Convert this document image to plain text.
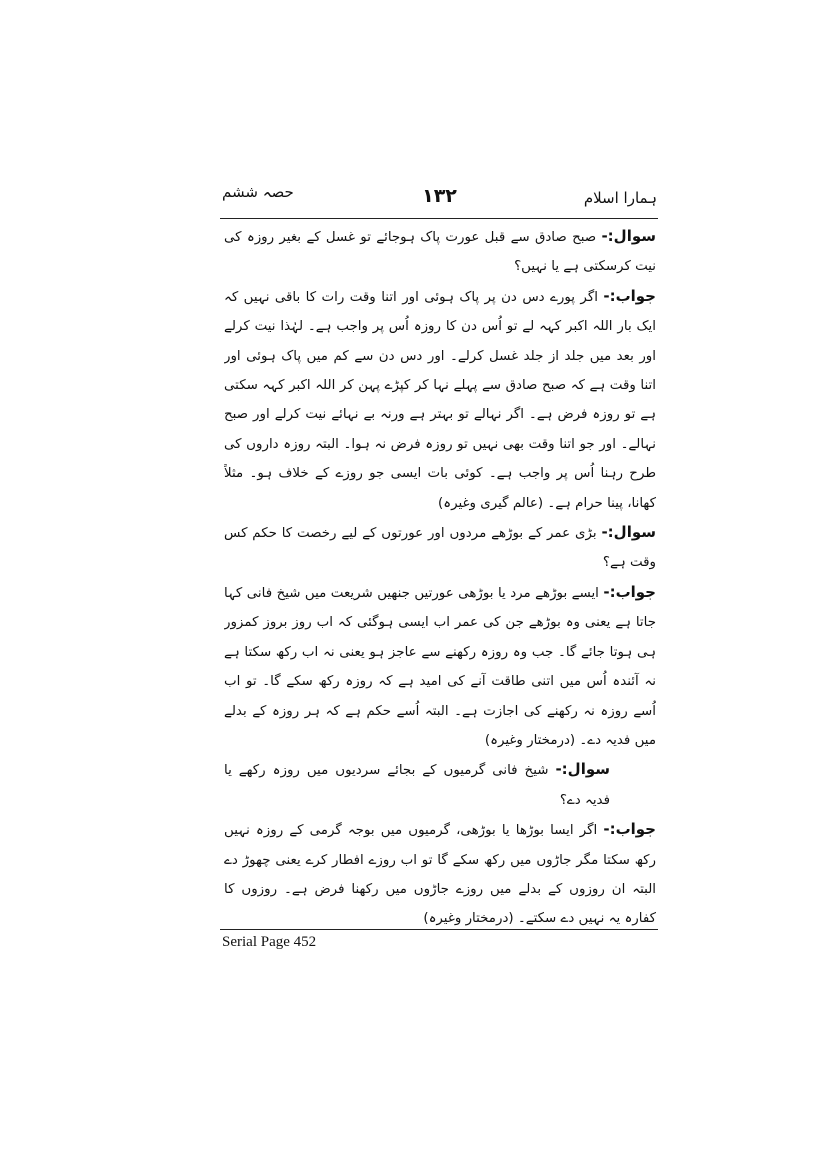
ہمارا اسلام
۱۳۲
حصہ ششم

سوال:- صبح صادق سے قبل عورت پاک ہوجائے تو غسل کے بغیر روزہ کی نیت کرسکتی ہے یا نہیں؟

جواب:- اگر پورے دس دن پر پاک ہوئی اور اتنا وقت رات کا باقی نہیں کہ ایک بار اللہ اکبر کہہ لے تو اُس دن کا روزہ اُس پر واجب ہے۔ لہٰذا نیت کرلے اور بعد میں جلد از جلد غسل کرلے۔ اور دس دن سے کم میں پاک ہوئی اور اتنا وقت ہے کہ صبح صادق سے پہلے نہا کر کپڑے پہن کر اللہ اکبر کہہ سکتی ہے تو روزہ فرض ہے۔ اگر نہالے تو بہتر ہے ورنہ بے نہائے نیت کرلے اور صبح نہالے۔ اور جو اتنا وقت بھی نہیں تو روزہ فرض نہ ہوا۔ البتہ روزہ داروں کی طرح رہنا اُس پر واجب ہے۔ کوئی بات ایسی جو روزے کے خلاف ہو۔ مثلاً کھانا، پینا حرام ہے۔ (عالم گیری وغیرہ)

سوال:- بڑی عمر کے بوڑھے مردوں اور عورتوں کے لیے رخصت کا حکم کس وقت ہے؟

جواب:- ایسے بوڑھے مرد یا بوڑھی عورتیں جنھیں شریعت میں شیخ فانی کہا جاتا ہے یعنی وہ بوڑھے جن کی عمر اب ایسی ہوگئی کہ اب روز بروز کمزور ہی ہوتا جائے گا۔ جب وہ روزہ رکھنے سے عاجز ہو یعنی نہ اب رکھ سکتا ہے نہ آئندہ اُس میں اتنی طاقت آنے کی امید ہے کہ روزہ رکھ سکے گا۔ تو اب اُسے روزہ نہ رکھنے کی اجازت ہے۔ البتہ اُسے حکم ہے کہ ہر روزہ کے بدلے میں فدیہ دے۔ (درمختار وغیرہ)

سوال:- شیخ فانی گرمیوں کے بجائے سردیوں میں روزہ رکھے یا فدیہ دے؟

جواب:- اگر ایسا بوڑھا یا بوڑھی، گرمیوں میں بوجہ گرمی کے روزہ نہیں رکھ سکتا مگر جاڑوں میں رکھ سکے گا تو اب روزے افطار کرے یعنی چھوڑ دے البتہ ان روزوں کے بدلے میں روزے جاڑوں میں رکھنا فرض ہے۔ روزوں کا کفارہ یہ نہیں دے سکتے۔ (درمختار وغیرہ)

Serial Page 452
